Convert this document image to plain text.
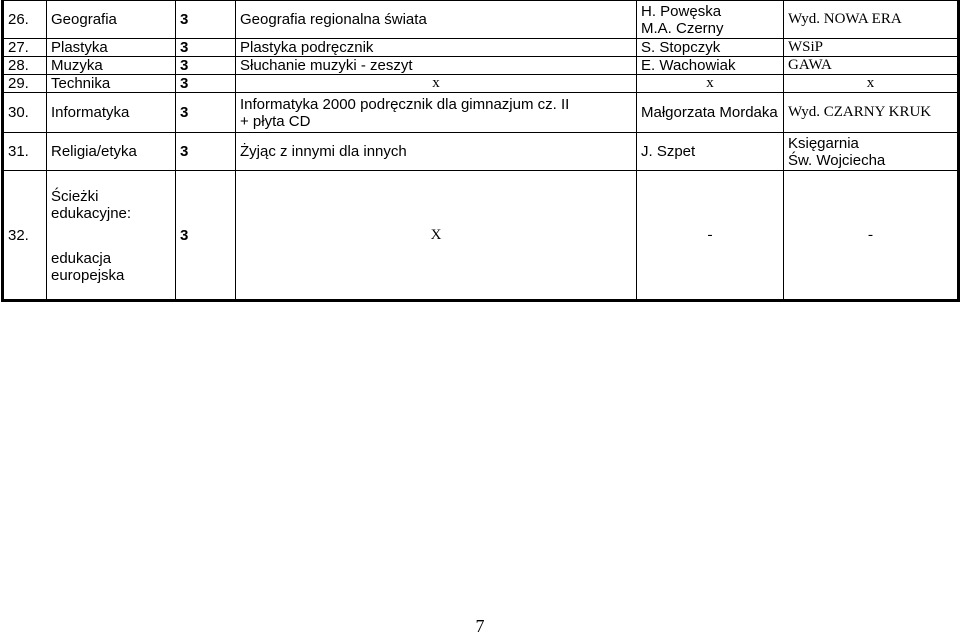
26.	Geografia	3	Geografia regionalna świata	H. Powęska
M.A. Czerny	Wyd. NOWA ERA
27.	Plastyka	3	Plastyka podręcznik	S. Stopczyk	WSiP
28.	Muzyka	3	Słuchanie muzyki - zeszyt	E. Wachowiak	GAWA
29.	Technika	3	x	x	x
30.	Informatyka	3	Informatyka 2000 podręcznik dla gimnazjum cz. II
+ płyta CD	Małgorzata Mordaka	Wyd. CZARNY KRUK
31.	Religia/etyka	3	Żyjąc z innymi dla innych	J. Szpet	Księgarnia
Św. Wojciecha

32.	Ścieżki edukacyjne:
edukacja europejska	3	X	-	-
7
